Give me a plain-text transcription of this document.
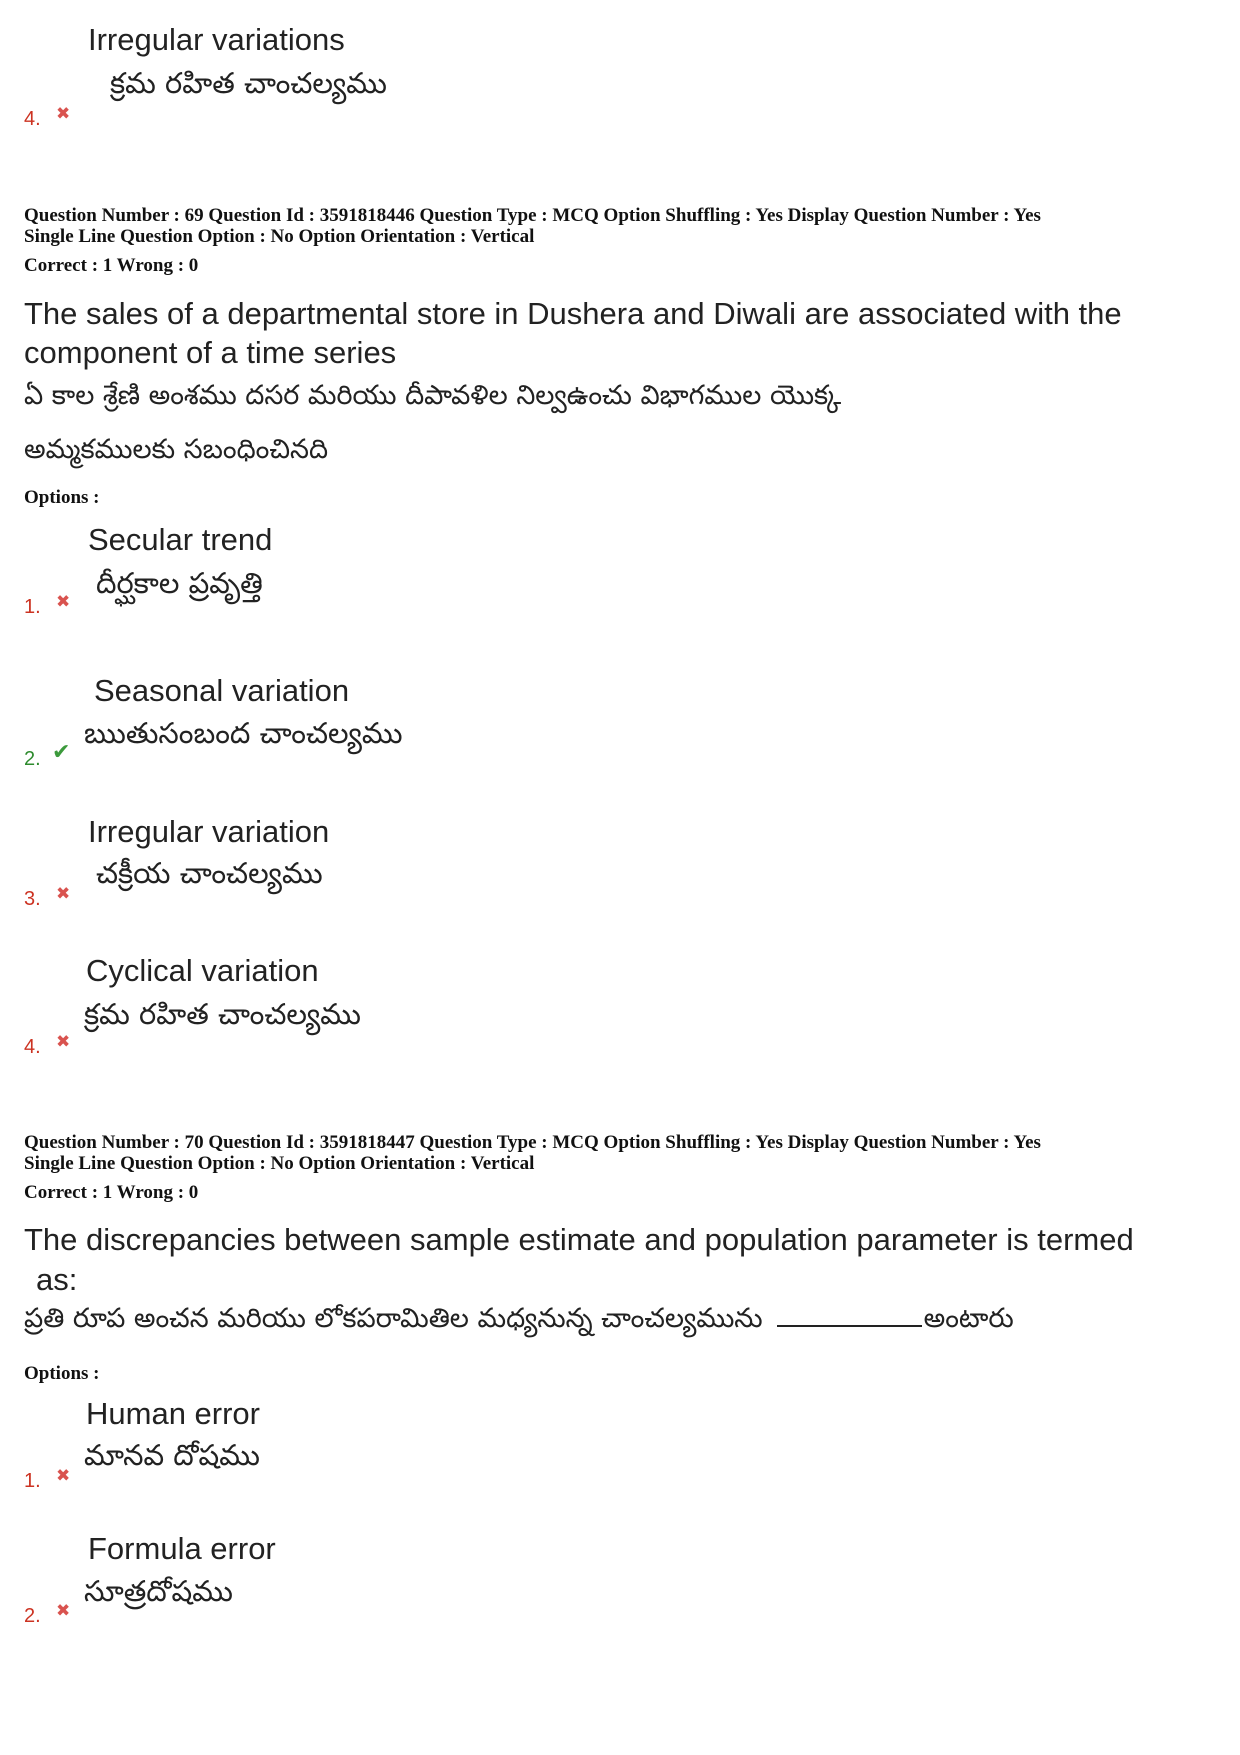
Irregular variations
క్రమ రహిత చాంచల్యము
4. ✖
Question Number : 69 Question Id : 3591818446 Question Type : MCQ Option Shuffling : Yes Display Question Number : Yes
Single Line Question Option : No Option Orientation : Vertical
Correct : 1 Wrong : 0
The sales of a departmental store in Dushera and Diwali are associated with the
component of a time series
ఏ కాల శ్రేణి అంశము దసర మరియు దీపావళిల నిల్వఉంచు విభాగముల యొక్క
అమ్మకములకు సబంధించినది
Options :
Secular trend
దీర్ఘకాల ప్రవృత్తి
1. ✖
Seasonal variation
ఋతుసంబంద చాంచల్యము
2. ✔
Irregular variation
చక్రీయ చాంచల్యము
3. ✖
Cyclical variation
క్రమ రహిత చాంచల్యము
4. ✖
Question Number : 70 Question Id : 3591818447 Question Type : MCQ Option Shuffling : Yes Display Question Number : Yes
Single Line Question Option : No Option Orientation : Vertical
Correct : 1 Wrong : 0
The discrepancies between sample estimate and population parameter is termed
as:
ప్రతి రూప అంచన మరియు లోకపరామితిల మధ్యనున్న చాంచల్యమును	అంటారు
Options :
Human error
మానవ దోషము
1. ✖
Formula error
సూత్రదోషము
2. ✖
